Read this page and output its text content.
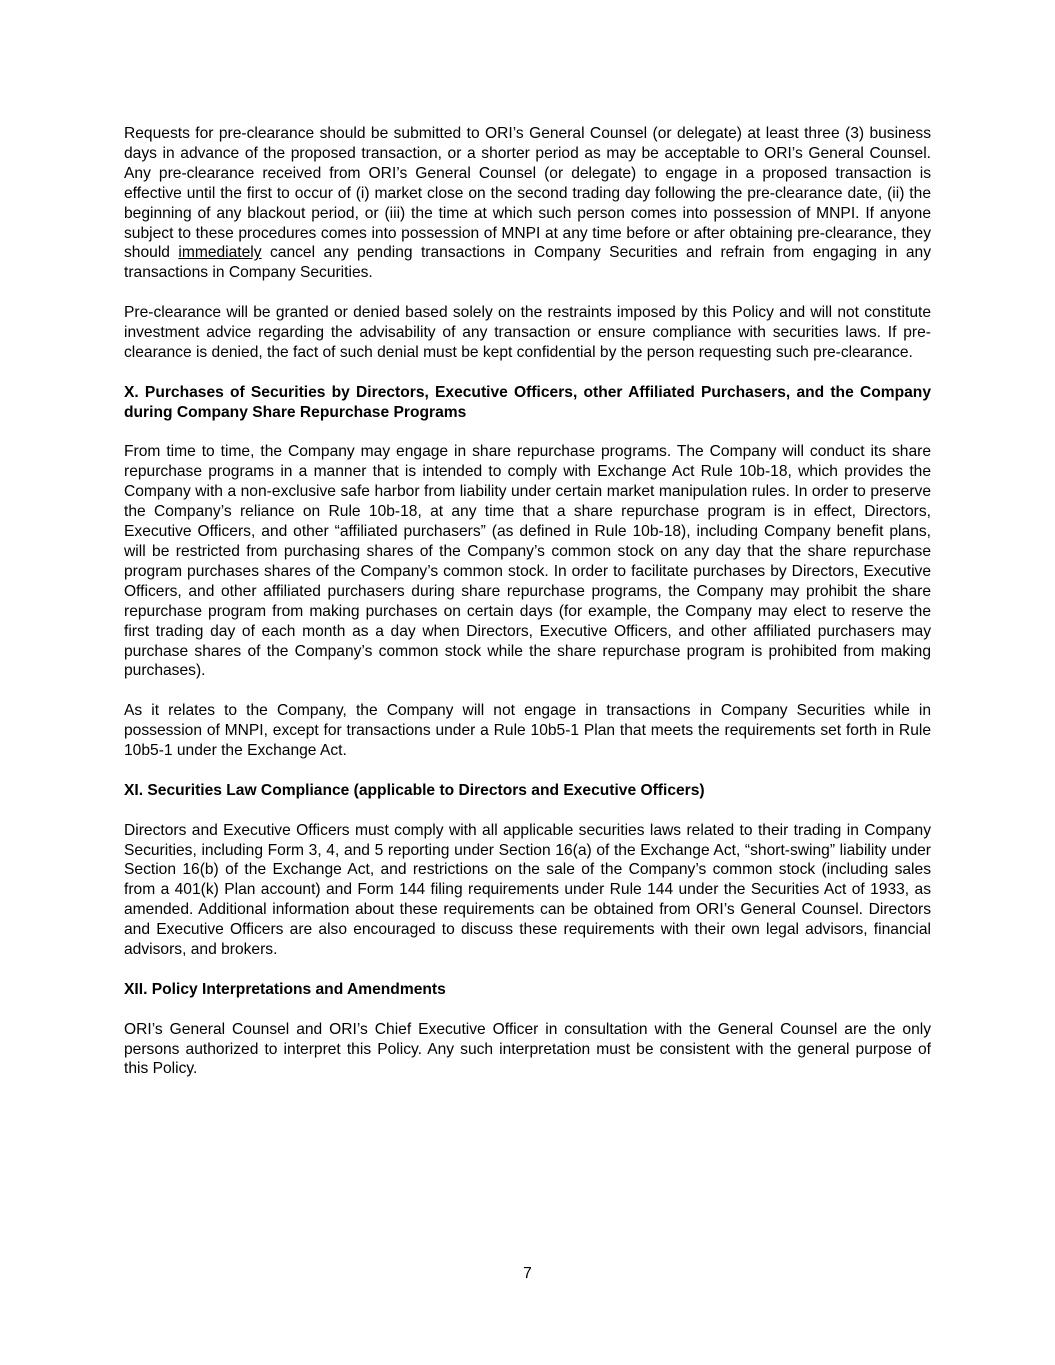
Requests for pre-clearance should be submitted to ORI’s General Counsel (or delegate) at least three (3) business days in advance of the proposed transaction, or a shorter period as may be acceptable to ORI’s General Counsel. Any pre-clearance received from ORI’s General Counsel (or delegate) to engage in a proposed transaction is effective until the first to occur of (i) market close on the second trading day following the pre-clearance date, (ii) the beginning of any blackout period, or (iii) the time at which such person comes into possession of MNPI. If anyone subject to these procedures comes into possession of MNPI at any time before or after obtaining pre-clearance, they should immediately cancel any pending transactions in Company Securities and refrain from engaging in any transactions in Company Securities.

Pre-clearance will be granted or denied based solely on the restraints imposed by this Policy and will not constitute investment advice regarding the advisability of any transaction or ensure compliance with securities laws. If pre-clearance is denied, the fact of such denial must be kept confidential by the person requesting such pre-clearance.

X. Purchases of Securities by Directors, Executive Officers, other Affiliated Purchasers, and the Company during Company Share Repurchase Programs

From time to time, the Company may engage in share repurchase programs. The Company will conduct its share repurchase programs in a manner that is intended to comply with Exchange Act Rule 10b-18, which provides the Company with a non-exclusive safe harbor from liability under certain market manipulation rules. In order to preserve the Company’s reliance on Rule 10b-18, at any time that a share repurchase program is in effect, Directors, Executive Officers, and other “affiliated purchasers” (as defined in Rule 10b-18), including Company benefit plans, will be restricted from purchasing shares of the Company’s common stock on any day that the share repurchase program purchases shares of the Company’s common stock. In order to facilitate purchases by Directors, Executive Officers, and other affiliated purchasers during share repurchase programs, the Company may prohibit the share repurchase program from making purchases on certain days (for example, the Company may elect to reserve the first trading day of each month as a day when Directors, Executive Officers, and other affiliated purchasers may purchase shares of the Company’s common stock while the share repurchase program is prohibited from making purchases).

As it relates to the Company, the Company will not engage in transactions in Company Securities while in possession of MNPI, except for transactions under a Rule 10b5-1 Plan that meets the requirements set forth in Rule 10b5-1 under the Exchange Act.

XI. Securities Law Compliance (applicable to Directors and Executive Officers)

Directors and Executive Officers must comply with all applicable securities laws related to their trading in Company Securities, including Form 3, 4, and 5 reporting under Section 16(a) of the Exchange Act, “short-swing” liability under Section 16(b) of the Exchange Act, and restrictions on the sale of the Company’s common stock (including sales from a 401(k) Plan account) and Form 144 filing requirements under Rule 144 under the Securities Act of 1933, as amended. Additional information about these requirements can be obtained from ORI’s General Counsel. Directors and Executive Officers are also encouraged to discuss these requirements with their own legal advisors, financial advisors, and brokers.

XII. Policy Interpretations and Amendments

ORI’s General Counsel and ORI’s Chief Executive Officer in consultation with the General Counsel are the only persons authorized to interpret this Policy. Any such interpretation must be consistent with the general purpose of this Policy.

7
